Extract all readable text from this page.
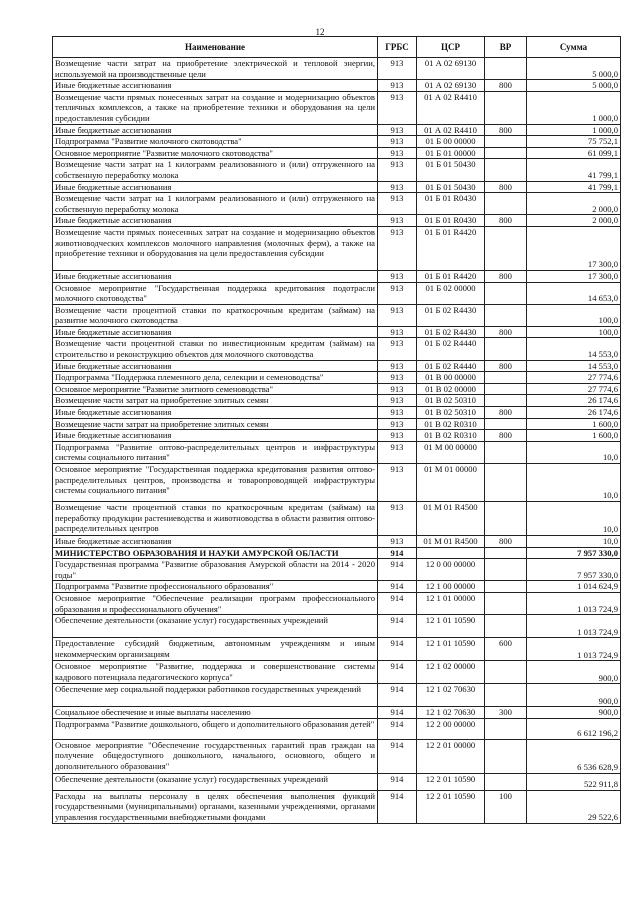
12
Наименование	ГРБС	ЦСР	ВР	Сумма
Возмещение части затрат на приобретение электрической и тепловой энергии, используемой на производственные цели	913	01 А 02 69130		5 000,0
Иные бюджетные ассигнования	913	01 А 02 69130	800	5 000,0
Возмещение части прямых понесенных затрат на создание и модернизацию объектов тепличных комплексов, а также на приобретение техники и оборудования на цели предоставления субсидии	913	01 А 02 R4410		1 000,0
Иные бюджетные ассигнования	913	01 А 02 R4410	800	1 000,0
Подпрограмма "Развитие молочного скотоводства"	913	01 Б 00 00000		75 752,1
Основное мероприятие "Развитие молочного скотоводства"	913	01 Б 01 00000		61 099,1
Возмещение части затрат на 1 килограмм реализованного и (или) отгруженного на собственную переработку молока	913	01 Б 01 50430		41 799,1
Иные бюджетные ассигнования	913	01 Б 01 50430	800	41 799,1
Возмещение части затрат на 1 килограмм реализованного и (или) отгруженного на собственную переработку молока	913	01 Б 01 R0430		2 000,0
Иные бюджетные ассигнования	913	01 Б 01 R0430	800	2 000,0
Возмещение части прямых понесенных затрат на создание и модернизацию объектов животноводческих комплексов молочного направления (молочных ферм), а также на приобретение техники и оборудования на цели предоставления субсидии	913	01 Б 01 R4420		17 300,0
Иные бюджетные ассигнования	913	01 Б 01 R4420	800	17 300,0
Основное мероприятие "Государственная поддержка кредитования подотрасли молочного скотоводства"	913	01 Б 02 00000		14 653,0
Возмещение части процентной ставки по краткосрочным кредитам (займам) на развитие молочного скотоводства	913	01 Б 02 R4430		100,0
Иные бюджетные ассигнования	913	01 Б 02 R4430	800	100,0
Возмещение части процентной ставки по инвестиционным кредитам (займам) на строительство и реконструкцию объектов для молочного скотоводства	913	01 Б 02 R4440		14 553,0
Иные бюджетные ассигнования	913	01 Б 02 R4440	800	14 553,0
Подпрограмма "Поддержка племенного дела, селекции и семеноводства"	913	01 В 00 00000		27 774,6
Основное мероприятие "Развитие элитного семеноводства"	913	01 В 02 00000		27 774,6
Возмещение части затрат на приобретение элитных семян	913	01 В 02 50310		26 174,6
Иные бюджетные ассигнования	913	01 В 02 50310	800	26 174,6
Возмещение части затрат на приобретение элитных семян	913	01 В 02 R0310		1 600,0
Иные бюджетные ассигнования	913	01 В 02 R0310	800	1 600,0
Подпрограмма "Развитие оптово-распределительных центров и инфраструктуры системы социального питания"	913	01 М 00 00000		10,0
Основное мероприятие "Государственная поддержка кредитования развития оптово-распределительных центров, производства и товаропроводящей инфраструктуры системы социального питания"	913	01 М 01 00000		10,0
Возмещение части процентной ставки по краткосрочным кредитам (займам) на переработку продукции растениеводства и животноводства в области развития оптово-распределительных центров	913	01 М 01 R4500		10,0
Иные бюджетные ассигнования	913	01 М 01 R4500	800	10,0
МИНИСТЕРСТВО ОБРАЗОВАНИЯ И НАУКИ АМУРСКОЙ ОБЛАСТИ	914			7 957 330,0
Государственная программа "Развитие образования Амурской области на 2014 - 2020 годы"	914	12 0 00 00000		7 957 330,0
Подпрограмма "Развитие профессионального образования"	914	12 1 00 00000		1 014 624,9
Основное мероприятие "Обеспечение реализации программ профессионального образования и профессионального обучения"	914	12 1 01 00000		1 013 724,9
Обеспечение деятельности (оказание услуг) государственных учреждений	914	12 1 01 10590		1 013 724,9
Предоставление субсидий бюджетным, автономным учреждениям и иным некоммерческим организациям	914	12 1 01 10590	600	1 013 724,9
Основное мероприятие "Развитие, поддержка и совершенствование системы кадрового потенциала педагогического корпуса"	914	12 1 02 00000		900,0
Обеспечение мер социальной поддержки работников государственных учреждений	914	12 1 02 70630		900,0
Социальное обеспечение и иные выплаты населению	914	12 1 02 70630	300	900,0
Подпрограмма "Развитие дошкольного, общего и дополнительного образования детей"	914	12 2 00 00000		6 612 196,2
Основное мероприятие "Обеспечение государственных гарантий прав граждан на получение общедоступного дошкольного, начального, основного, общего и дополнительного образования"	914	12 2 01 00000		6 536 628,9
Обеспечение деятельности (оказание услуг) государственных учреждений	914	12 2 01 10590		522 911,8
Расходы на выплаты персоналу в целях обеспечения выполнения функций государственными (муниципальными) органами, казенными учреждениями, органами управления государственными внебюджетными фондами	914	12 2 01 10590	100	29 522,6
